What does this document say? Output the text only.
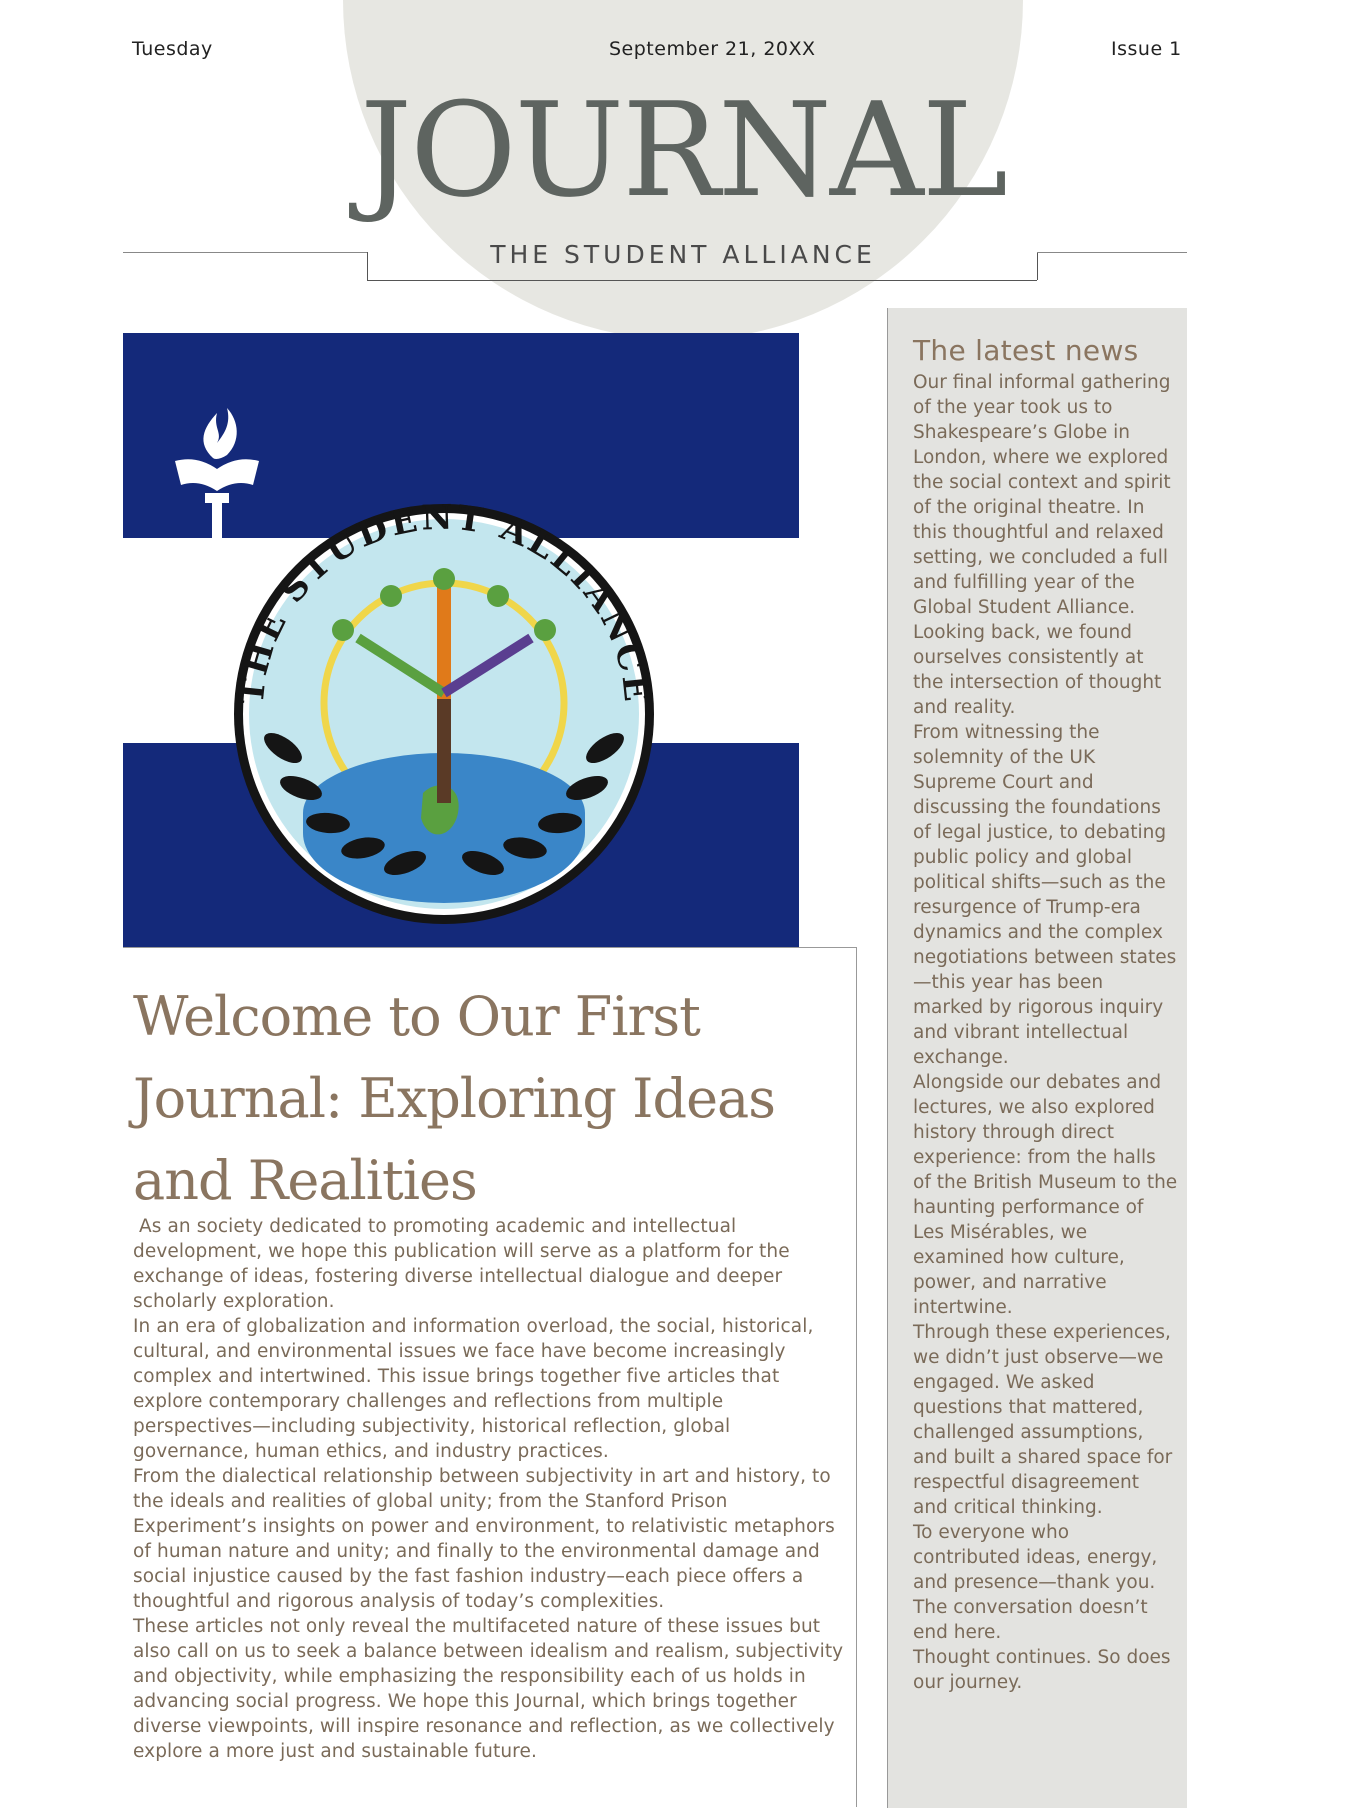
Tuesday	September 21, 20XX	Issue 1
JOURNAL
THE STUDENT ALLIANCE
THE STUDENT ALLIANCE
Welcome to Our First Journal: Exploring Ideas and Realities

As an society dedicated to promoting academic and intellectual development, we hope this publication will serve as a platform for the exchange of ideas, fostering diverse intellectual dialogue and deeper scholarly exploration.

In an era of globalization and information overload, the social, historical, cultural, and environmental issues we face have become increasingly complex and intertwined. This issue brings together five articles that explore contemporary challenges and reflections from multiple perspectives—including subjectivity, historical reflection, global governance, human ethics, and industry practices.

From the dialectical relationship between subjectivity in art and history, to the ideals and realities of global unity; from the Stanford Prison Experiment’s insights on power and environment, to relativistic metaphors of human nature and unity; and finally to the environmental damage and social injustice caused by the fast fashion industry—each piece offers a thoughtful and rigorous analysis of today’s complexities.

These articles not only reveal the multifaceted nature of these issues but also call on us to seek a balance between idealism and realism, subjectivity and objectivity, while emphasizing the responsibility each of us holds in advancing social progress. We hope this Journal, which brings together diverse viewpoints, will inspire resonance and reflection, as we collectively explore a more just and sustainable future.

The latest news

Our final informal gathering of the year took us to Shakespeare’s Globe in London, where we explored the social context and spirit of the original theatre. In this thoughtful and relaxed setting, we concluded a full and fulfilling year of the Global Student Alliance.

Looking back, we found ourselves consistently at the intersection of thought and reality.

From witnessing the solemnity of the UK Supreme Court and discussing the foundations of legal justice, to debating public policy and global political shifts—such as the resurgence of Trump-era dynamics and the complex negotiations between states—this year has been marked by rigorous inquiry and vibrant intellectual exchange.

Alongside our debates and lectures, we also explored history through direct experience: from the halls of the British Museum to the haunting performance of Les Misérables, we examined how culture, power, and narrative intertwine.

Through these experiences, we didn’t just observe—we engaged. We asked questions that mattered, challenged assumptions, and built a shared space for respectful disagreement and critical thinking.

To everyone who contributed ideas, energy, and presence—thank you. The conversation doesn’t end here.

Thought continues. So does our journey.
